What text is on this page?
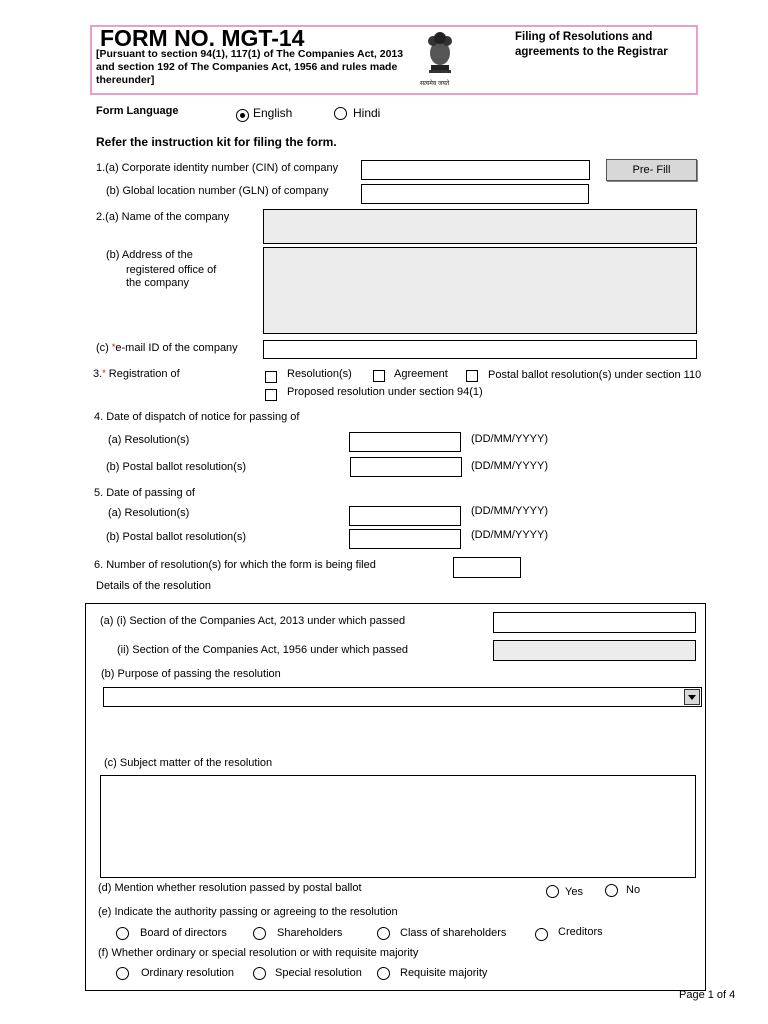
FORM NO. MGT-14
[Pursuant to section 94(1), 117(1) of The Companies Act, 2013 and section 192 of The Companies Act, 1956 and rules made thereunder]	सत्यमेव जयते
Filing of Resolutions and
agreements to the Registrar
Form Language	English	Hindi
Refer the instruction kit for filing the form.
1.(a) Corporate identity number (CIN) of company	Pre- Fill
(b) Global location number (GLN) of company
2.(a) Name of the company
(b) Address of the
registered office of
the company
(c) *e-mail ID of the company
3.* Registration of	Resolution(s)	Agreement	Postal ballot resolution(s) under section 110
Proposed resolution under section 94(1)
4. Date of dispatch of notice for passing of
(a) Resolution(s)	(DD/MM/YYYY)
(b) Postal ballot resolution(s)	(DD/MM/YYYY)
5. Date of passing of
(a) Resolution(s)	(DD/MM/YYYY)
(b) Postal ballot resolution(s)	(DD/MM/YYYY)
6. Number of resolution(s) for which the form is being filed
Details of the resolution
(a) (i) Section of the Companies Act, 2013 under which passed
(ii) Section of the Companies Act, 1956 under which passed
(b) Purpose of passing the resolution
(c) Subject matter of the resolution
(d) Mention whether resolution passed by postal ballot	Yes	No
(e) Indicate the authority passing or agreeing to the resolution
Board of directors	Shareholders	Class of shareholders	Creditors
(f) Whether ordinary or special resolution or with requisite majority
Ordinary resolution	Special resolution	Requisite majority
Page 1 of 4
